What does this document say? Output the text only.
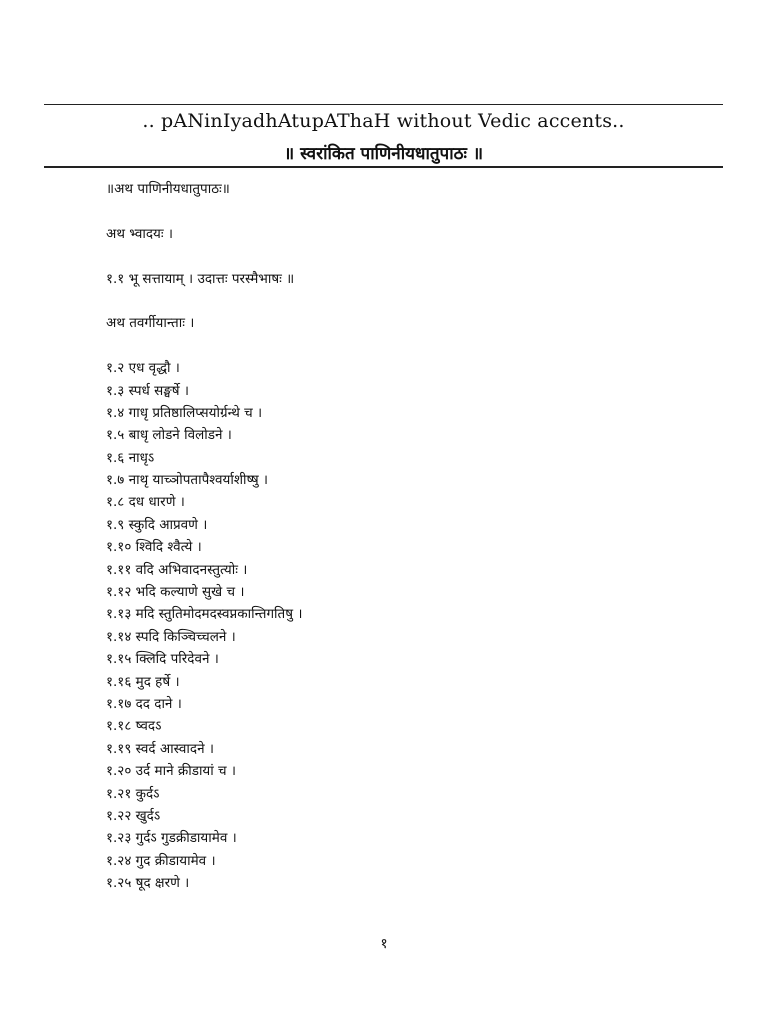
.. pANinIyadhAtupAThaH without Vedic accents..
॥ स्वरांकित पाणिनीयधातुपाठः ॥
॥अथ पाणिनीयधातुपाठः॥
अथ भ्वादयः ।
१.१ भू सत्तायाम् । उदात्तः परस्मैभाषः ॥
अथ तवर्गीयान्ताः ।
१.२ एध वृद्धौ ।
१.३ स्पर्ध सङ्घर्षे ।
१.४ गाधृ प्रतिष्ठालिप्सयोर्ग्रन्थे च ।
१.५ बाधृ लोडने विलोडने ।
१.६ नाधृऽ
१.७ नाथृ याच्ञोपतापैश्वर्याशीष्षु ।
१.८ दध धारणे ।
१.९ स्कुदि आप्रवणे ।
१.१० श्विदि श्वैत्ये ।
१.११ वदि अभिवादनस्तुत्योः ।
१.१२ भदि कल्याणे सुखे च ।
१.१३ मदि स्तुतिमोदमदस्वप्नकान्तिगतिषु ।
१.१४ स्पदि किञ्चिच्चलने ।
१.१५ क्लिदि परिदेवने ।
१.१६ मुद हर्षे ।
१.१७ दद दाने ।
१.१८ ष्वदऽ
१.१९ स्वर्द आस्वादने ।
१.२० उर्द माने क्रीडायां च ।
१.२१ कुर्दऽ
१.२२ खुर्दऽ
१.२३ गुर्दऽ गुडक्रीडायामेव ।
१.२४ गुद क्रीडायामेव ।
१.२५ षूद क्षरणे ।
१
